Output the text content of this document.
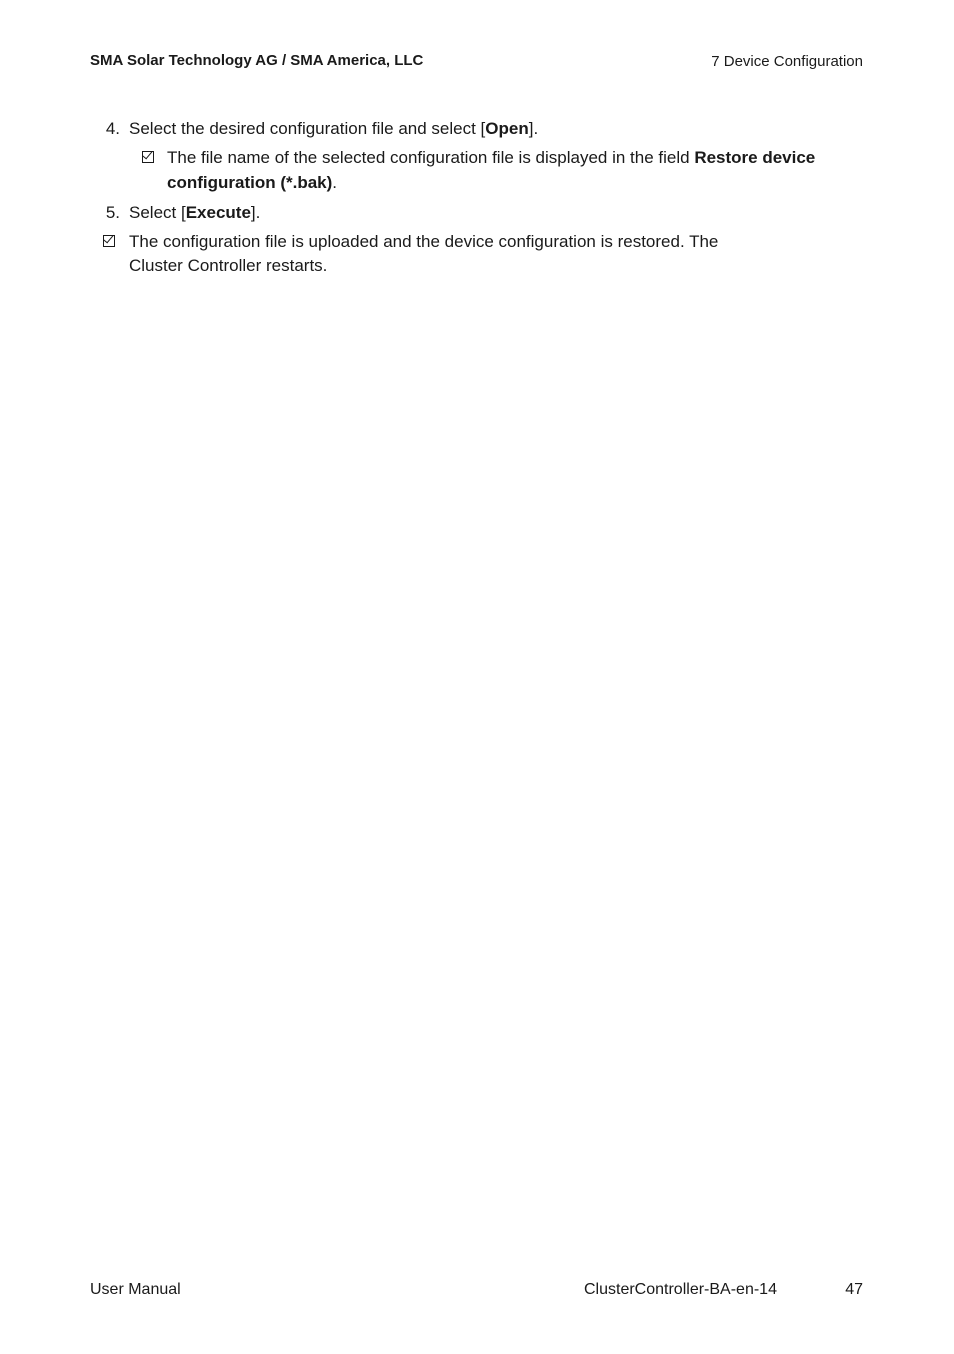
SMA Solar Technology AG / SMA America, LLC	7 Device Configuration
4. Select the desired configuration file and select [Open].
The file name of the selected configuration file is displayed in the field Restore device
configuration (*.bak).
5. Select [Execute].
The configuration file is uploaded and the device configuration is restored. The
Cluster Controller restarts.
User Manual	ClusterController-BA-en-14	47
